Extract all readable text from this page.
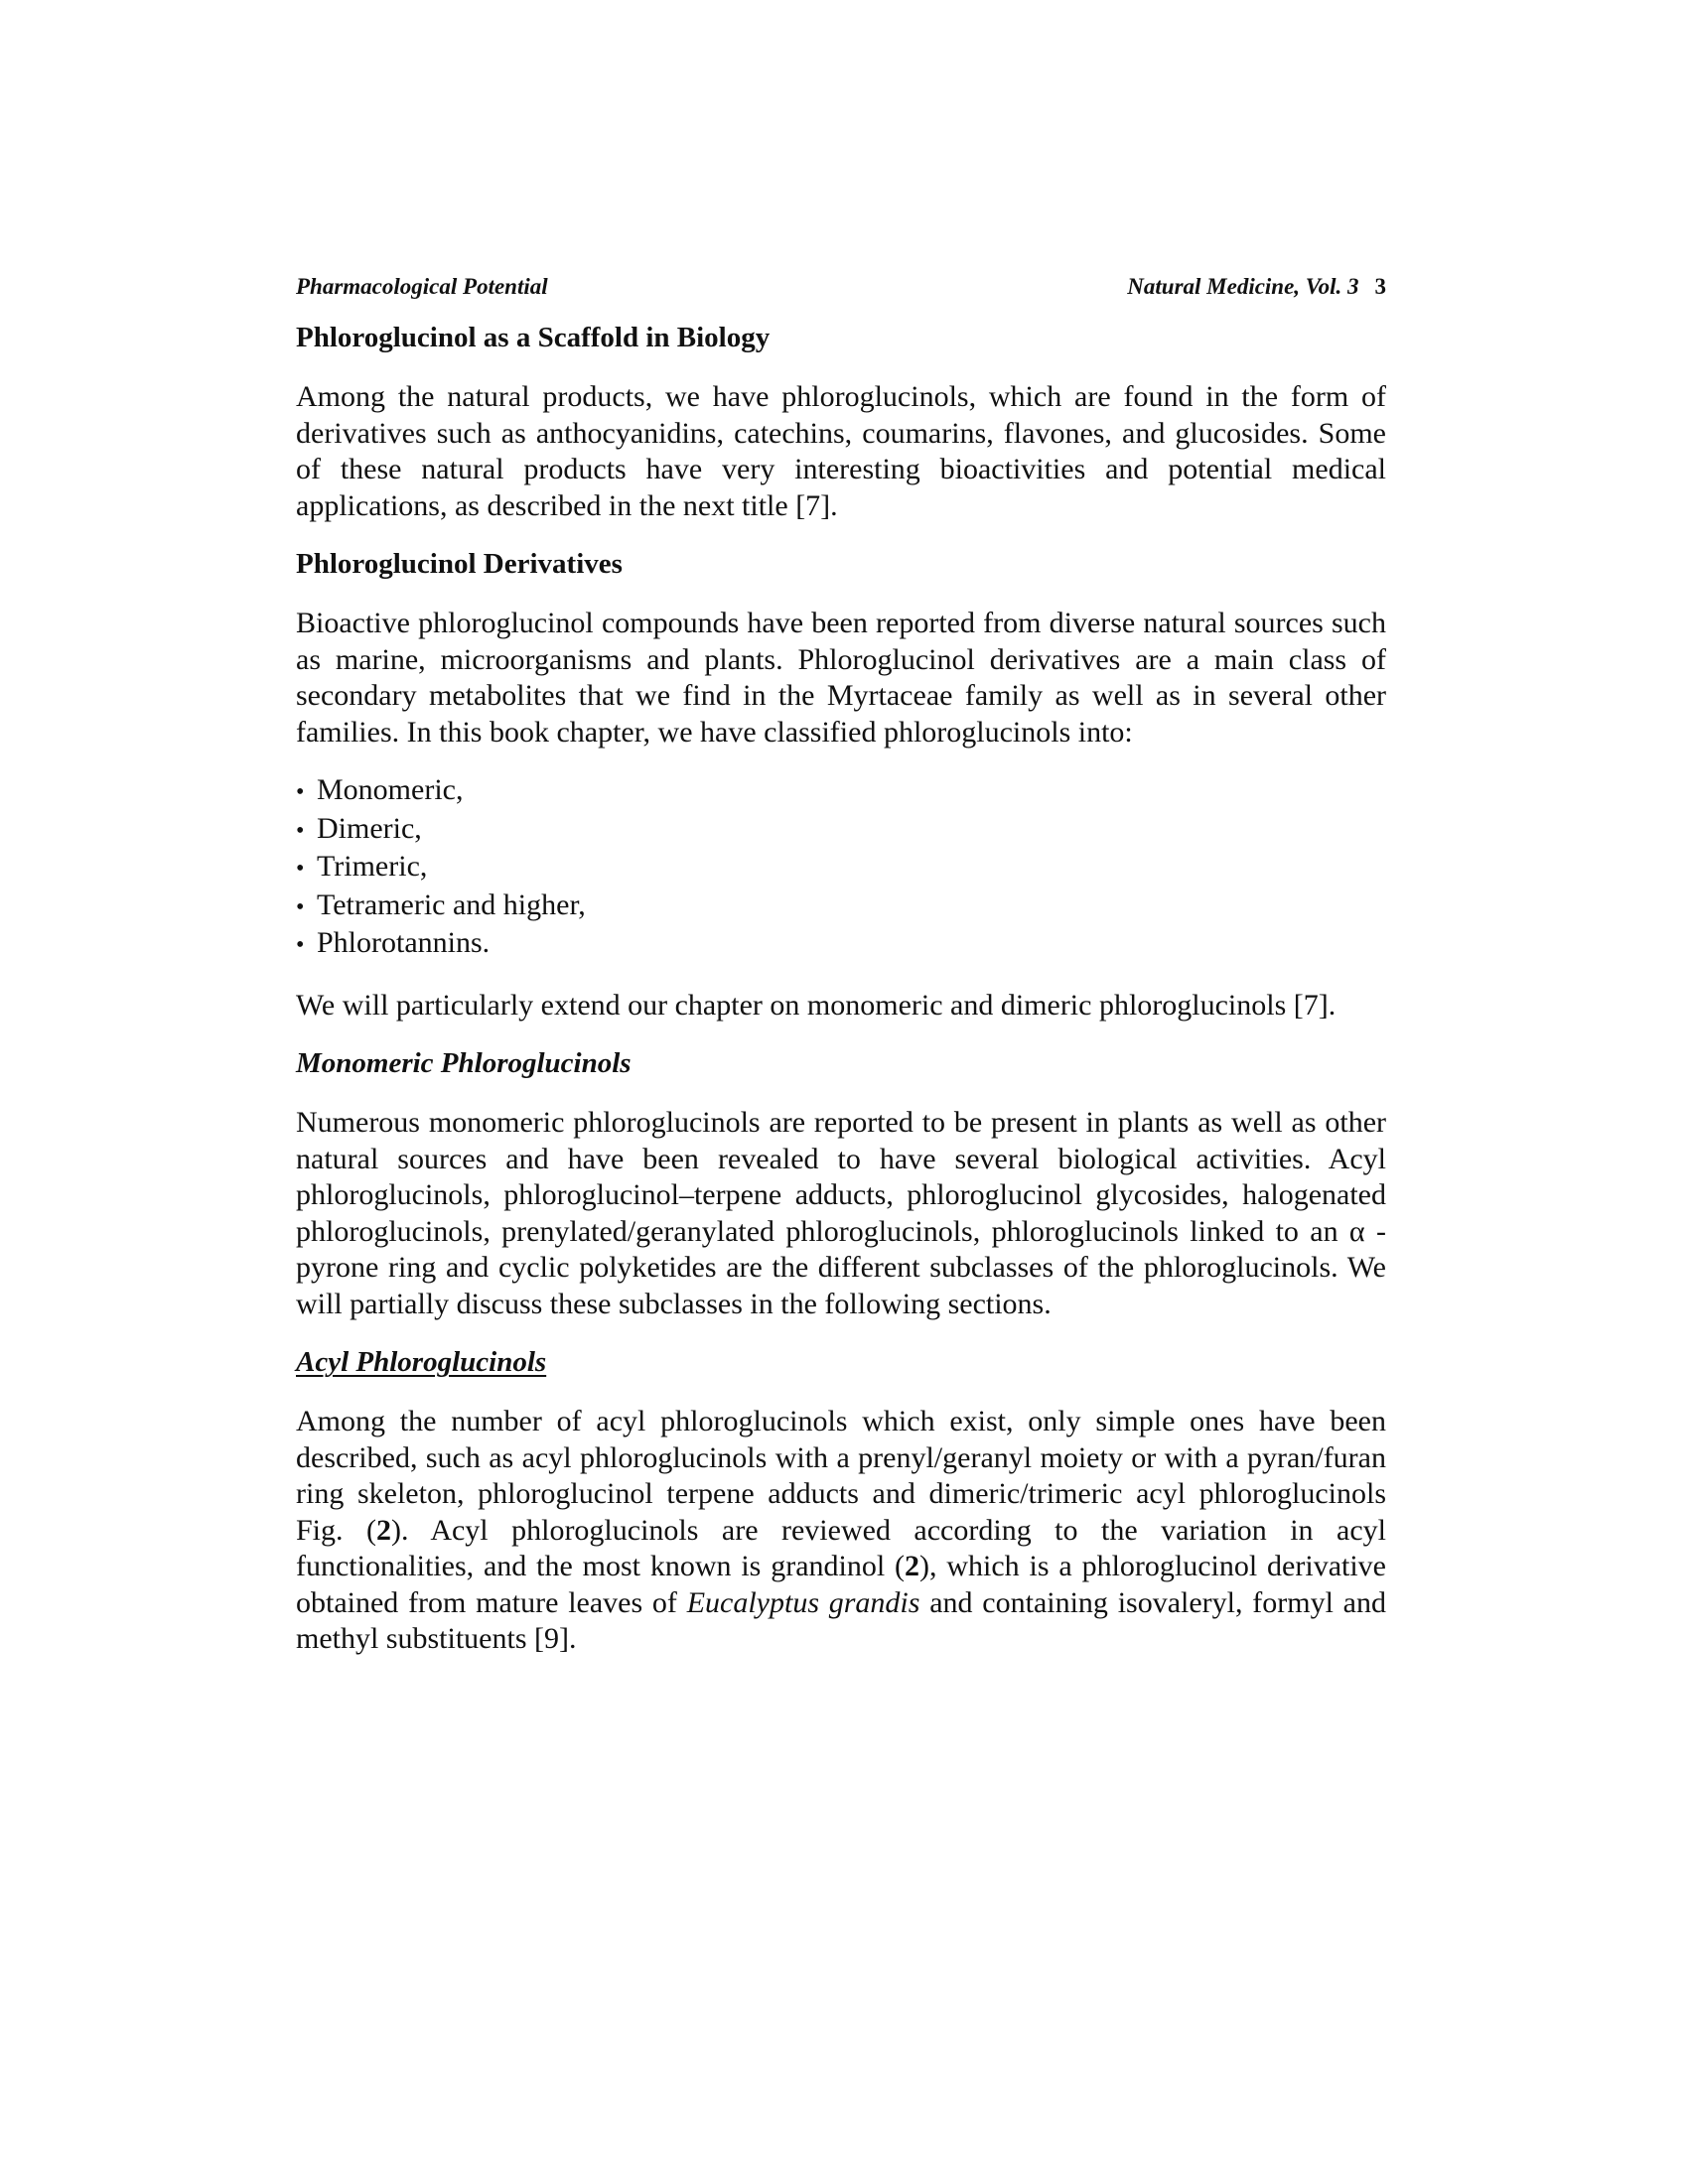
Pharmacological Potential	Natural Medicine, Vol. 3 3
Phloroglucinol as a Scaffold in Biology

Among the natural products, we have phloroglucinols, which are found in the form of derivatives such as anthocyanidins, catechins, coumarins, flavones, and glucosides. Some of these natural products have very interesting bioactivities and potential medical applications, as described in the next title [7].

Phloroglucinol Derivatives

Bioactive phloroglucinol compounds have been reported from diverse natural sources such as marine, microorganisms and plants. Phloroglucinol derivatives are a main class of secondary metabolites that we find in the Myrtaceae family as well as in several other families. In this book chapter, we have classified phloroglucinols into:

• Monomeric,
• Dimeric,
• Trimeric,
• Tetrameric and higher,
• Phlorotannins.

We will particularly extend our chapter on monomeric and dimeric phloroglucinols [7].

Monomeric Phloroglucinols

Numerous monomeric phloroglucinols are reported to be present in plants as well as other natural sources and have been revealed to have several biological activities. Acyl phloroglucinols, phloroglucinol–terpene adducts, phloroglucinol glycosides, halogenated phloroglucinols, prenylated/geranylated phloroglucinols, phloroglucinols linked to an α -pyrone ring and cyclic polyketides are the different subclasses of the phloroglucinols. We will partially discuss these subclasses in the following sections.

Acyl Phloroglucinols

Among the number of acyl phloroglucinols which exist, only simple ones have been described, such as acyl phloroglucinols with a prenyl/geranyl moiety or with a pyran/furan ring skeleton, phloroglucinol terpene adducts and dimeric/trimeric acyl phloroglucinols Fig. (2). Acyl phloroglucinols are reviewed according to the variation in acyl functionalities, and the most known is grandinol (2), which is a phloroglucinol derivative obtained from mature leaves of Eucalyptus grandis and containing isovaleryl, formyl and methyl substituents [9].
